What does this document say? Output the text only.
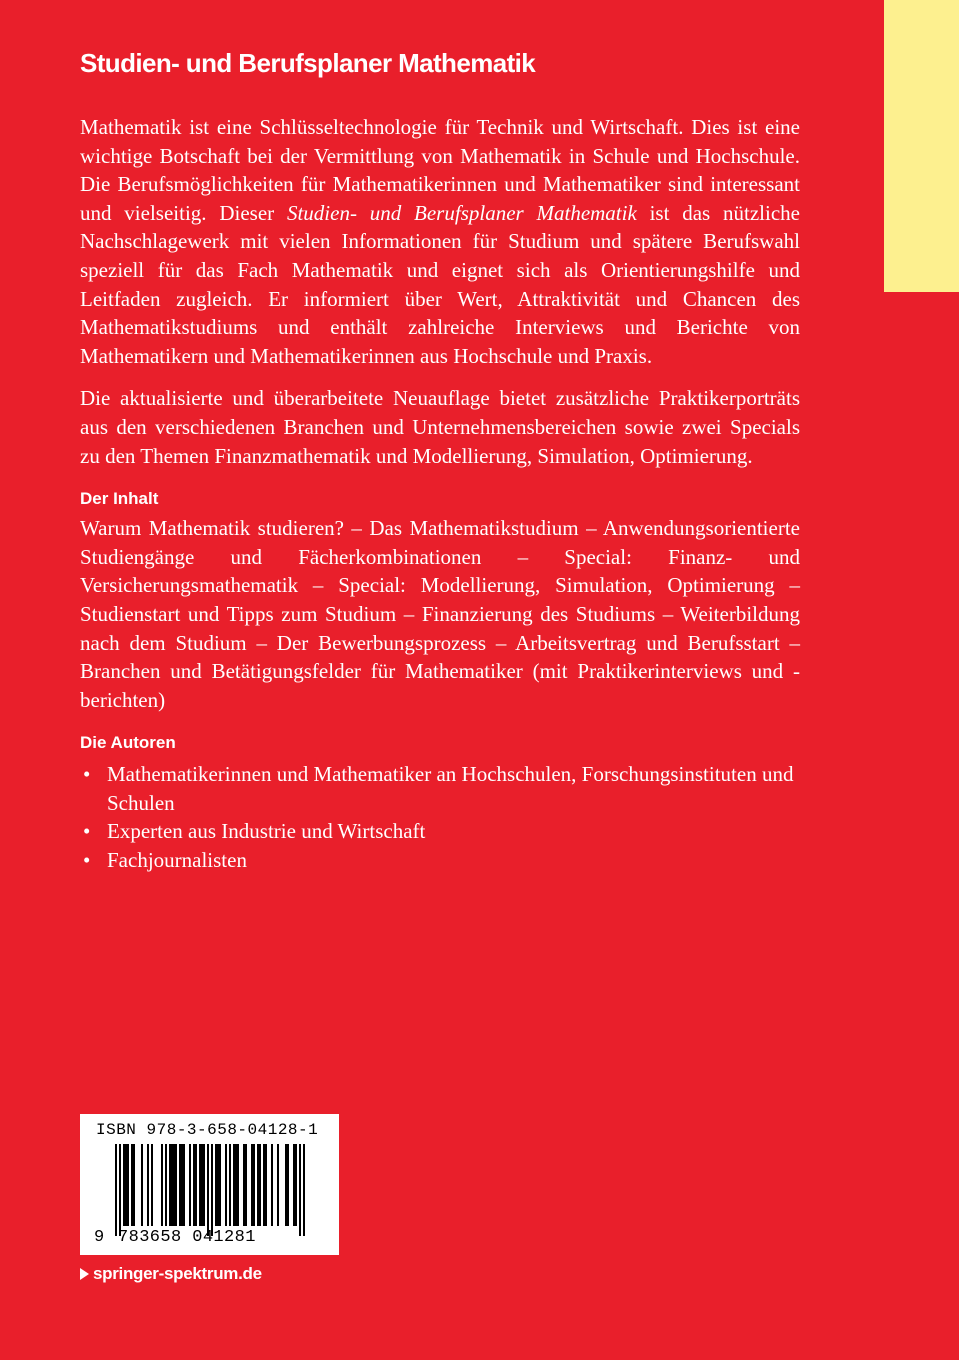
Studien- und Berufsplaner Mathematik

Mathematik ist eine Schlüsseltechnologie für Technik und Wirtschaft. Dies ist eine wichtige Botschaft bei der Vermittlung von Mathematik in Schule und Hochschule. Die Berufsmöglichkeiten für Mathematikerinnen und Mathematiker sind interessant und vielseitig. Dieser Studien- und Berufsplaner Mathematik ist das nützliche Nachschlagewerk mit vielen Informationen für Studium und spätere Berufswahl speziell für das Fach Mathematik und eignet sich als Orientierungshilfe und Leitfaden zugleich. Er informiert über Wert, Attraktivität und Chancen des Mathematikstudiums und enthält zahlreiche Interviews und Berichte von Mathematikern und Mathematikerinnen aus Hochschule und Praxis.

Die aktualisierte und überarbeitete Neuauflage bietet zusätzliche Praktikerporträts aus den verschiedenen Branchen und Unternehmensbereichen sowie zwei Specials zu den Themen Finanzmathematik und Modellierung, Simulation, Optimierung.

Der Inhalt

Warum Mathematik studieren? – Das Mathematikstudium – Anwendungsorientierte Studiengänge und Fächerkombinationen – Special: Finanz- und Versicherungsmathematik – Special: Modellierung, Simulation, Optimierung – Studienstart und Tipps zum Studium – Finanzierung des Studiums – Weiterbildung nach dem Studium – Der Bewerbungsprozess – Arbeitsvertrag und Berufsstart – Branchen und Betätigungsfelder für Mathematiker (mit Praktikerinterviews und -berichten)

Die Autoren
• Mathematikerinnen und Mathematiker an Hochschulen, Forschungsinstituten und Schulen
• Experten aus Industrie und Wirtschaft
• Fachjournalisten
ISBN 978-3-658-04128-1
9 783658 041281
springer-spektrum.de
